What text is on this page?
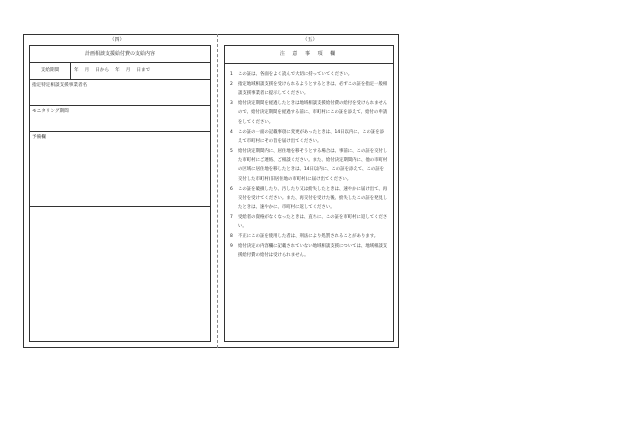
（四）	（五）
計画相談支援給付費の支給内容
支給期間	年　 月　 日から　 年　 月　 日まで
指定特定相談支援事業者名
モニタリング期間
予備欄
注 意 事 項 欄
1	この証は、各面をよく読んで大切に持っていてください。
2	指定地域相談支援を受けられるようとするときは、必ずこの証を指定一般相談支援事業者に提示してください。
3	給付決定期間を経過したときは地域相談支援給付費の給付を受けられませんので、給付決定期間を経過する前に、市町村にこの証を添えて、給付の申請をしてください。
4	この証の一面の記載事項に変更があったときは、14日以内に、この証を添えて市町村にその旨を届け出てください。
5	給付決定期間内に、居住地を移そうとする場合は、事前に、この証を交付した市町村にご連絡、ご相談ください。また、給付決定期間内に、他の市町村の区域に居住地を移したときは、14日以内に、この証を添えて、この証を交付した市町村(旧居住地の市町村)に届け出てください。
6	この証を破損したり、汚したり又は紛失したときは、速やかに届け出て、再交付を受けてください。また、再交付を受けた後、紛失したこの証を発見したときは、速やかに、市町村に返してください。
7	受給者の資格がなくなったときは、直ちに、この証を市町村に返してください。
8	不正にこの証を使用した者は、刑法により処罰されることがあります。
9	給付決定の内容欄に記載されていない地域相談支援については、地域相談支援給付費の給付は受けられません。
